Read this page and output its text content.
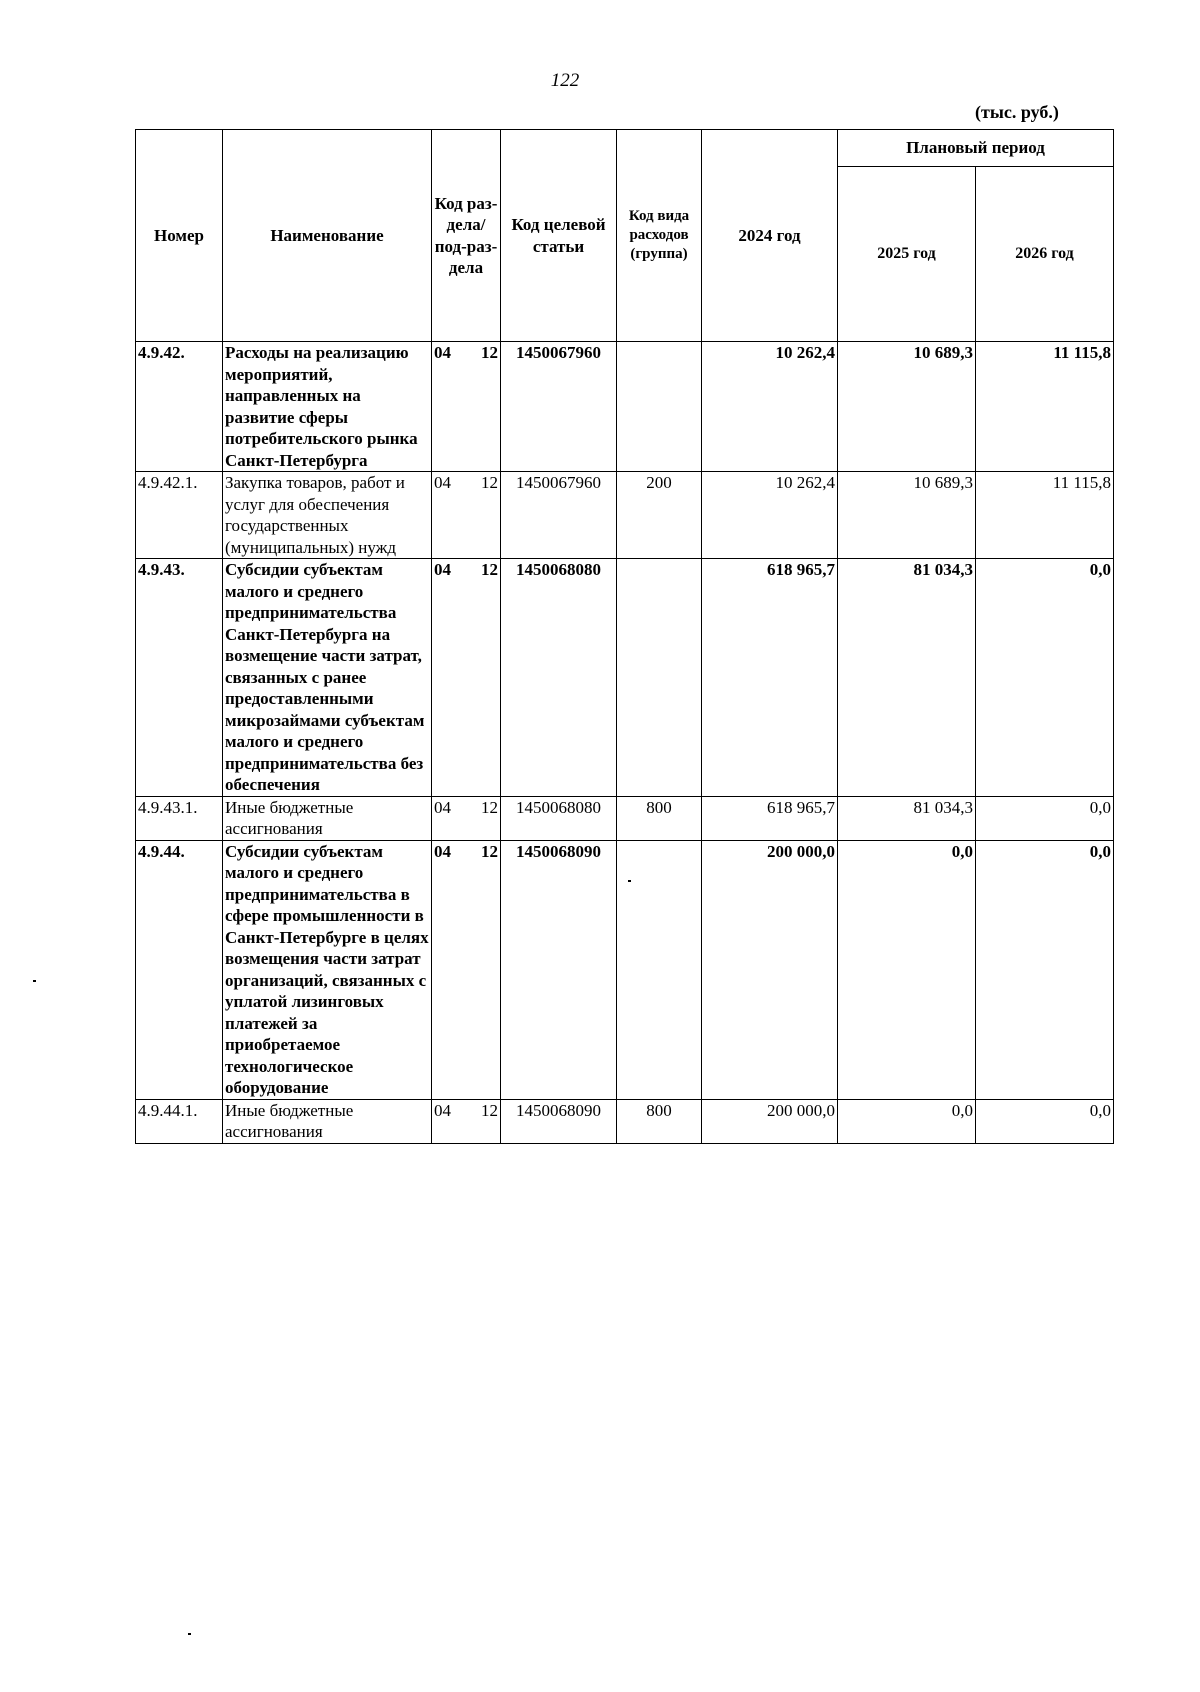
122
(тыс. руб.)
Номер	Наименование	Код раз-дела/ под-раз-дела	Код целевой статьи	Код вида расходов (группа)	2024 год	Плановый период	
						2025 год	2026 год
4.9.42.	Расходы на реализацию мероприятий, направленных на развитие сферы потребительского рынка Санкт-Петербурга	04 12	1450067960		10 262,4	10 689,3	11 115,8
4.9.42.1.	Закупка товаров, работ и услуг для обеспечения государственных (муниципальных) нужд	04 12	1450067960	200	10 262,4	10 689,3	11 115,8
4.9.43.	Субсидии субъектам малого и среднего предпринимательства Санкт-Петербурга на возмещение части затрат, связанных с ранее предоставленными микрозаймами субъектам малого и среднего предпринимательства без обеспечения	04 12	1450068080		618 965,7	81 034,3	0,0
4.9.43.1.	Иные бюджетные ассигнования	04 12	1450068080	800	618 965,7	81 034,3	0,0
4.9.44.	Субсидии субъектам малого и среднего предпринимательства в сфере промышленности в Санкт-Петербурге в целях возмещения части затрат организаций, связанных с уплатой лизинговых платежей за приобретаемое технологическое оборудование	04 12	1450068090		200 000,0	0,0	0,0
4.9.44.1.	Иные бюджетные ассигнования	04 12	1450068090	800	200 000,0	0,0	0,0
